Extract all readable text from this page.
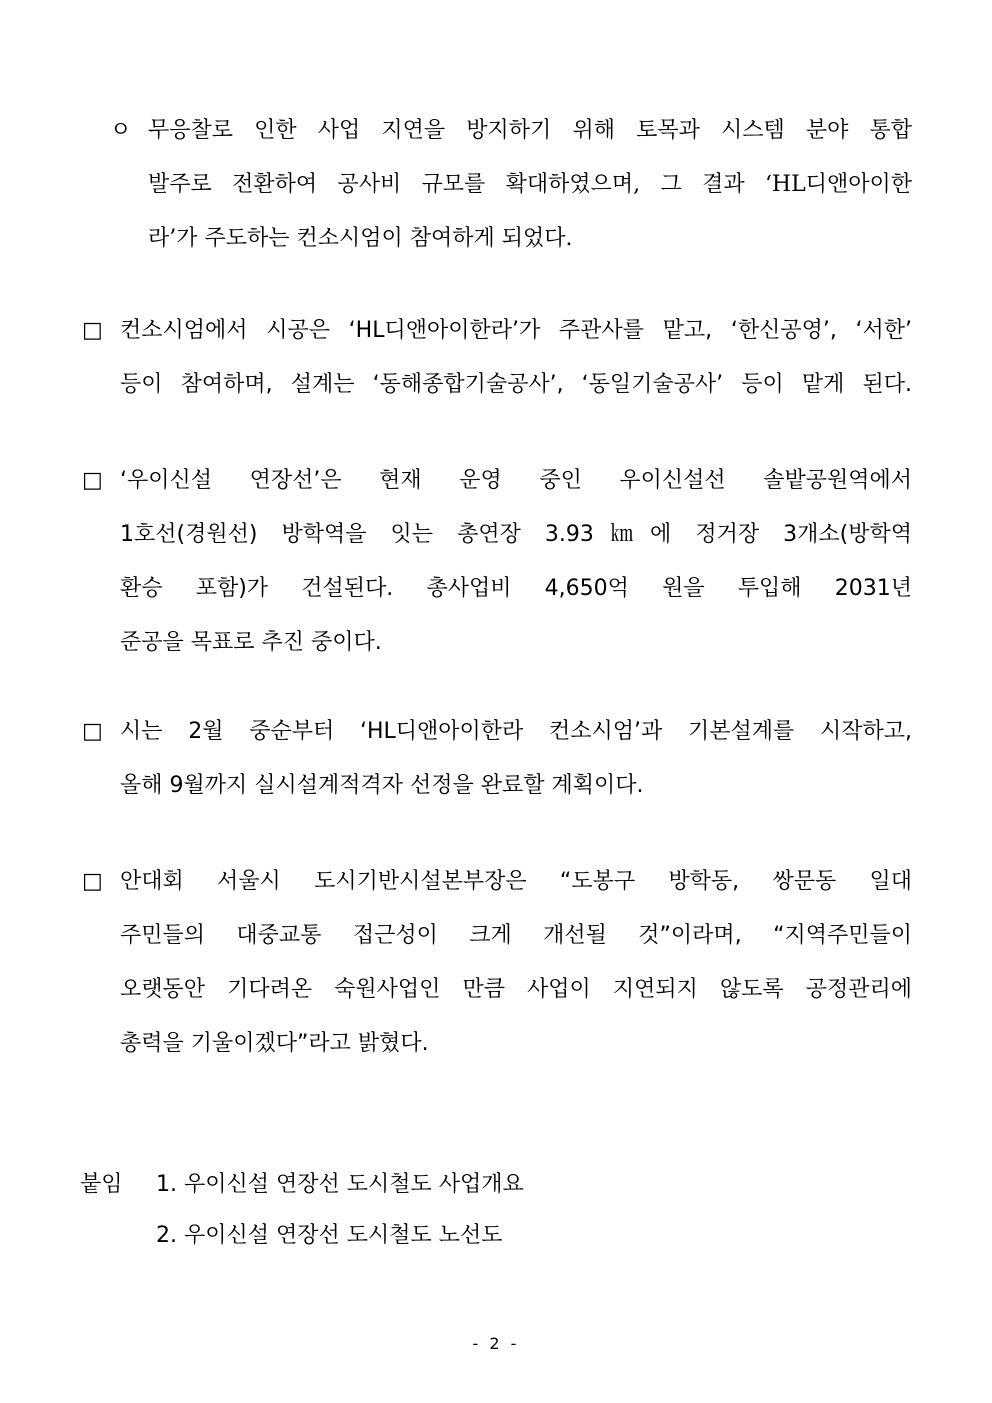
ㅇ 무응찰로 인한 사업 지연을 방지하기 위해 토목과 시스템 분야 통합
발주로 전환하여 공사비 규모를 확대하였으며, 그 결과 ‘HL디앤아이한
라’가 주도하는 컨소시엄이 참여하게 되었다.
□ 컨소시엄에서 시공은 ‘HL디앤아이한라’가 주관사를 맡고, ‘한신공영’, ‘서한’
등이 참여하며, 설계는 ‘동해종합기술공사’, ‘동일기술공사’ 등이 맡게 된다.
□ ‘우이신설 연장선’은 현재 운영 중인 우이신설선 솔밭공원역에서
1호선(경원선) 방학역을 잇는 총연장 3.93㎞에 정거장 3개소(방학역
환승 포함)가 건설된다. 총사업비 4,650억 원을 투입해 2031년
준공을 목표로 추진 중이다.
□ 시는 2월 중순부터 ‘HL디앤아이한라 컨소시엄’과 기본설계를 시작하고,
올해 9월까지 실시설계적격자 선정을 완료할 계획이다.
□ 안대회 서울시 도시기반시설본부장은 “도봉구 방학동, 쌍문동 일대
주민들의 대중교통 접근성이 크게 개선될 것”이라며, “지역주민들이
오랫동안 기다려온 숙원사업인 만큼 사업이 지연되지 않도록 공정관리에
총력을 기울이겠다”라고 밝혔다.
붙임 1. 우이신설 연장선 도시철도 사업개요
2. 우이신설 연장선 도시철도 노선도
- 2 -
